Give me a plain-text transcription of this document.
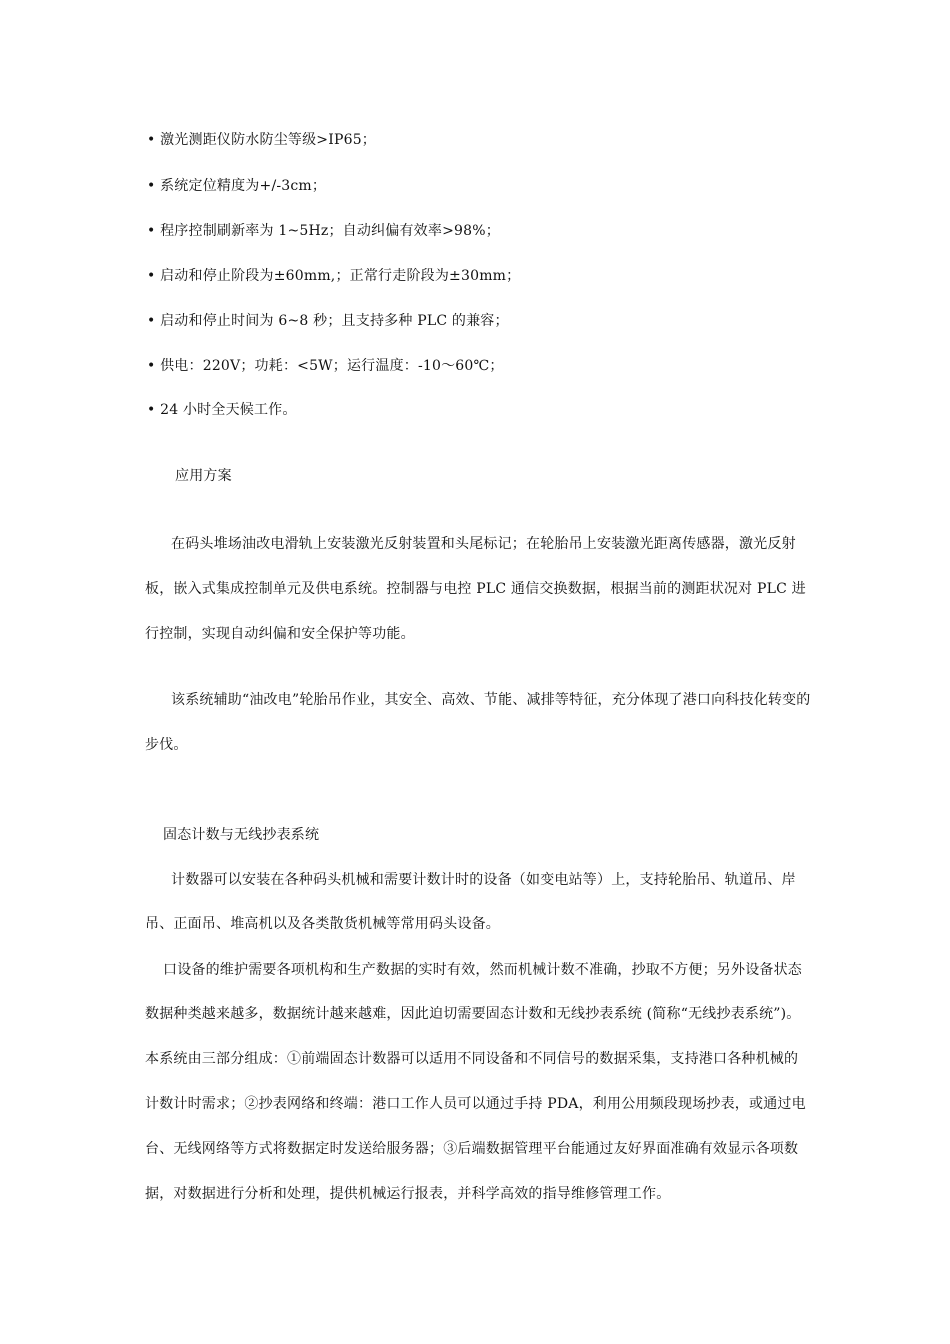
• 激光测距仪防水防尘等级>IP65；
• 系统定位精度为+/-3cm；
• 程序控制刷新率为 1~5Hz；自动纠偏有效率>98%；
• 启动和停止阶段为±60mm,；正常行走阶段为±30mm；
• 启动和停止时间为 6~8 秒；且支持多种 PLC 的兼容；
• 供电：220V；功耗：<5W；运行温度：-10～60℃；
• 24 小时全天候工作。
应用方案
在码头堆场油改电滑轨上安装激光反射装置和头尾标记；在轮胎吊上安装激光距离传感器，激光反射
板，嵌入式集成控制单元及供电系统。控制器与电控 PLC 通信交换数据，根据当前的测距状况对 PLC 进
行控制，实现自动纠偏和安全保护等功能。
该系统辅助“油改电”轮胎吊作业，其安全、高效、节能、减排等特征，充分体现了港口向科技化转变的
步伐。
固态计数与无线抄表系统
计数器可以安装在各种码头机械和需要计数计时的设备（如变电站等）上，支持轮胎吊、轨道吊、岸
吊、正面吊、堆高机以及各类散货机械等常用码头设备。
口设备的维护需要各项机构和生产数据的实时有效，然而机械计数不准确，抄取不方便；另外设备状态
数据种类越来越多，数据统计越来越难，因此迫切需要固态计数和无线抄表系统 (简称“无线抄表系统”)。
本系统由三部分组成：①前端固态计数器可以适用不同设备和不同信号的数据采集，支持港口各种机械的
计数计时需求；②抄表网络和终端：港口工作人员可以通过手持 PDA，利用公用频段现场抄表，或通过电
台、无线网络等方式将数据定时发送给服务器；③后端数据管理平台能通过友好界面准确有效显示各项数
据，对数据进行分析和处理，提供机械运行报表，并科学高效的指导维修管理工作。
